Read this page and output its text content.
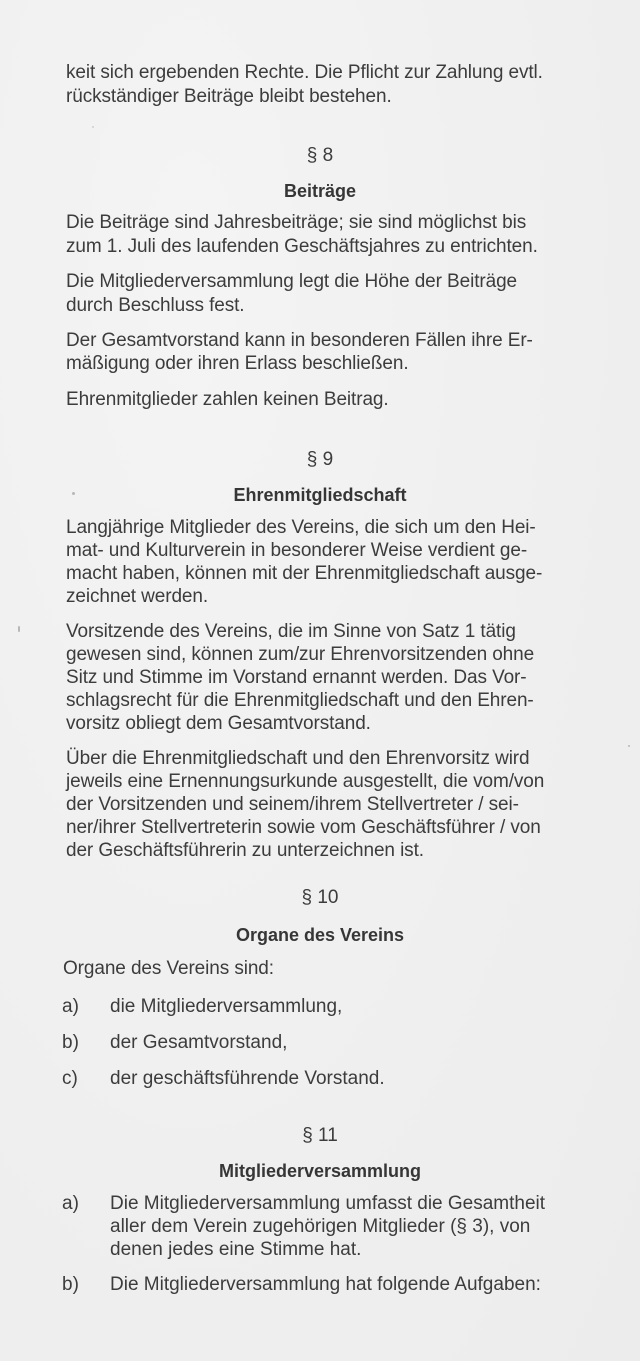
keit sich ergebenden Rechte. Die Pflicht zur Zahlung evtl.
rückständiger Beiträge bleibt bestehen.
§ 8
Beiträge
Die Beiträge sind Jahresbeiträge; sie sind möglichst bis
zum 1. Juli des laufenden Geschäftsjahres zu entrichten.
Die Mitgliederversammlung legt die Höhe der Beiträge
durch Beschluss fest.
Der Gesamtvorstand kann in besonderen Fällen ihre Er-
mäßigung oder ihren Erlass beschließen.
Ehrenmitglieder zahlen keinen Beitrag.
§ 9
Ehrenmitgliedschaft
Langjährige Mitglieder des Vereins, die sich um den Hei-
mat- und Kulturverein in besonderer Weise verdient ge-
macht haben, können mit der Ehrenmitgliedschaft ausge-
zeichnet werden.
Vorsitzende des Vereins, die im Sinne von Satz 1 tätig
gewesen sind, können zum/zur Ehrenvorsitzenden ohne
Sitz und Stimme im Vorstand ernannt werden. Das Vor-
schlagsrecht für die Ehrenmitgliedschaft und den Ehren-
vorsitz obliegt dem Gesamtvorstand.
Über die Ehrenmitgliedschaft und den Ehrenvorsitz wird
jeweils eine Ernennungsurkunde ausgestellt, die vom/von
der Vorsitzenden und seinem/ihrem Stellvertreter / sei-
ner/ihrer Stellvertreterin sowie vom Geschäftsführer / von
der Geschäftsführerin zu unterzeichnen ist.
§ 10
Organe des Vereins
Organe des Vereins sind:
a) die Mitgliederversammlung,
b) der Gesamtvorstand,
c) der geschäftsführende Vorstand.
§ 11
Mitgliederversammlung
a) Die Mitgliederversammlung umfasst die Gesamtheit
aller dem Verein zugehörigen Mitglieder (§ 3), von
denen jedes eine Stimme hat.
b) Die Mitgliederversammlung hat folgende Aufgaben:
